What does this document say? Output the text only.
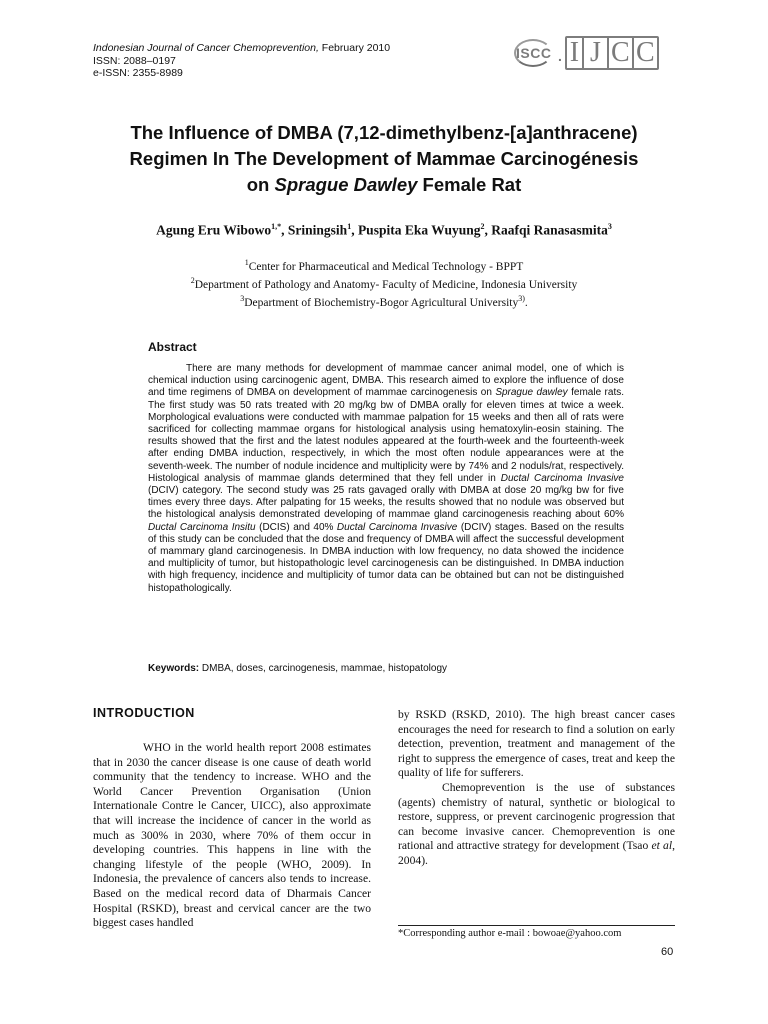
Indonesian Journal of Cancer Chemoprevention, February 2010
ISSN: 2088–0197
e-ISSN: 2355-8989
ISCC . I J C C
The Influence of DMBA (7,12-dimethylbenz-[a]anthracene)
Regimen In The Development of Mammae Carcinogénesis
on Sprague Dawley Female Rat
Agung Eru Wibowo$^{1,*}$, Sriningsih$^1$, Puspita Eka Wuyung$^2$, Raafqi Ranasasmita$^3$
$^1$Center for Pharmaceutical and Medical Technology - BPPT
$^2$Department of Pathology and Anatomy- Faculty of Medicine, Indonesia University
$^3$Department of Biochemistry-Bogor Agricultural University$^{3)}$.
Abstract
There are many methods for development of mammae cancer animal model, one of which is chemical induction using carcinogenic agent, DMBA. This research aimed to explore the influence of dose and time regimens of DMBA on development of mammae carcinogenesis on Sprague dawley female rats. The first study was 50 rats treated with 20 mg/kg bw of DMBA orally for eleven times at twice a week. Morphological evaluations were conducted with mammae palpation for 15 weeks and then all of rats were sacrificed for collecting mammae organs for histological analysis using hematoxylin-eosin staining. The results showed that the first and the latest nodules appeared at the fourth-week and the fourteenth-week after ending DMBA induction, respectively, in which the most often nodule appearances were at the seventh-week. The number of nodule incidence and multiplicity were by 74% and 2 noduls/rat, respectively. Histological analysis of mammae glands determined that they fell under in Ductal Carcinoma Invasive (DCIV) category. The second study was 25 rats gavaged orally with DMBA at dose 20 mg/kg bw for five times every three days. After palpating for 15 weeks, the results showed that no nodule was observed but the histological analysis demonstrated developing of mammae gland carcinogenesis reaching about 60% Ductal Carcinoma Insitu (DCIS) and 40% Ductal Carcinoma Invasive (DCIV) stages. Based on the results of this study can be concluded that the dose and frequency of DMBA will affect the successful development of mammary gland carcinogenesis. In DMBA induction with low frequency, no data showed the incidence and multiplicity of tumor, but histopathologic level carcinogenesis can be distinguished. In DMBA induction with high frequency, incidence and multiplicity of tumor data can be obtained but can not be distinguished histopathologically.
Keywords: DMBA, doses, carcinogenesis, mammae, histopatology
INTRODUCTION
WHO in the world health report 2008 estimates that in 2030 the cancer disease is one cause of death world community that the tendency to increase. WHO and the World Cancer Prevention Organisation (Union Internationale Contre le Cancer, UICC), also approximate that will increase the incidence of cancer in the world as much as 300% in 2030, where 70% of them occur in developing countries. This happens in line with the changing lifestyle of the people (WHO, 2009). In Indonesia, the prevalence of cancers also tends to increase. Based on the medical record data of Dharmais Cancer Hospital (RSKD), breast and cervical cancer are the two biggest cases handled

by RSKD (RSKD, 2010). The high breast cancer cases encourages the need for research to find a solution on early detection, prevention, treatment and management of the right to suppress the emergence of cases, treat and keep the quality of life for sufferers.

Chemoprevention is the use of substances (agents) chemistry of natural, synthetic or biological to restore, suppress, or prevent carcinogenic progression that can become invasive cancer. Chemoprevention is one rational and attractive strategy for development (Tsao et al, 2004).

*Corresponding author e-mail : bowoae@yahoo.com
60
